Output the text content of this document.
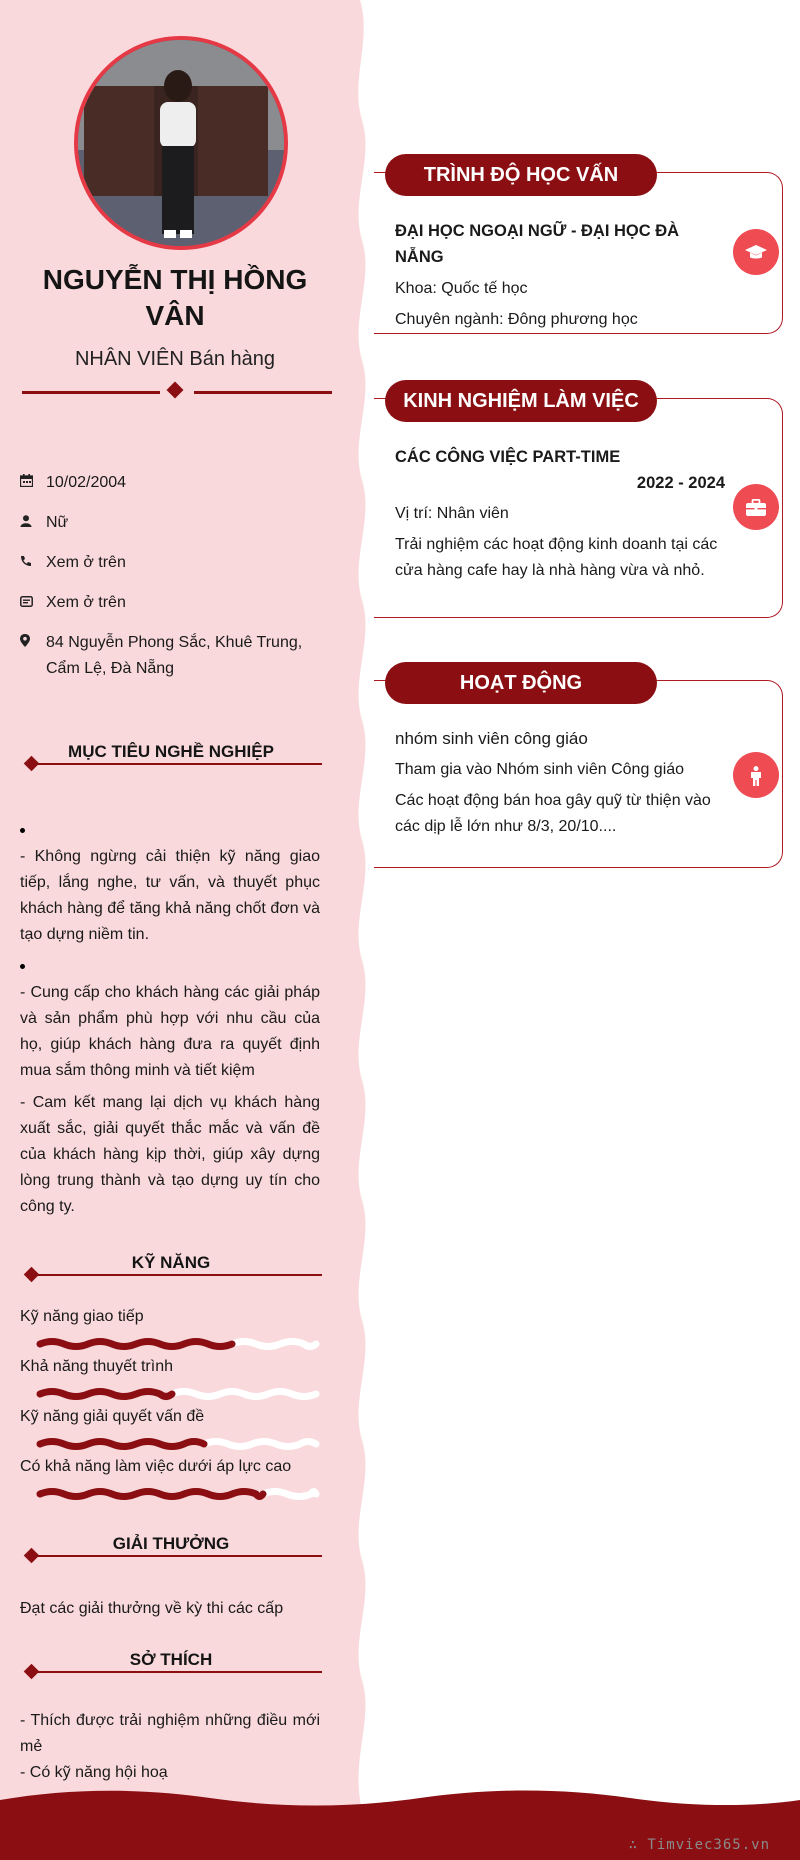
NGUYỄN THỊ HỒNG VÂN
NHÂN VIÊN Bán hàng
10/02/2004
Nữ
Xem ở trên
Xem ở trên
84 Nguyễn Phong Sắc, Khuê Trung, Cẩm Lệ, Đà Nẵng
MỤC TIÊU NGHỀ NGHIỆP

- Không ngừng cải thiện kỹ năng giao tiếp, lắng nghe, tư vấn, và thuyết phục khách hàng để tăng khả năng chốt đơn và tạo dựng niềm tin.

- Cung cấp cho khách hàng các giải pháp và sản phẩm phù hợp với nhu cầu của họ, giúp khách hàng đưa ra quyết định mua sắm thông minh và tiết kiệm

- Cam kết mang lại dịch vụ khách hàng xuất sắc, giải quyết thắc mắc và vấn đề của khách hàng kịp thời, giúp xây dựng lòng trung thành và tạo dựng uy tín cho công ty.

KỸ NĂNG
Kỹ năng giao tiếp
Khả năng thuyết trình
Kỹ năng giải quyết vấn đề
Có khả năng làm việc dưới áp lực cao
GIẢI THƯỞNG
Đạt các giải thưởng về kỳ thi các cấp
SỞ THÍCH
- Thích được trải nghiệm những điều mới mẻ
- Có kỹ năng hội hoạ
∴ Timviec365.vn
TRÌNH ĐỘ HỌC VẤN

ĐẠI HỌC NGOẠI NGỮ - ĐẠI HỌC ĐÀ NẴNG

Khoa: Quốc tế học

Chuyên ngành: Đông phương học

KINH NGHIỆM LÀM VIỆC

CÁC CÔNG VIỆC PART-TIME

2022 - 2024

Vị trí: Nhân viên

Trải nghiệm các hoạt động kinh doanh tại các cửa hàng cafe hay là nhà hàng vừa và nhỏ.

HOẠT ĐỘNG

nhóm sinh viên công giáo

Tham gia vào Nhóm sinh viên Công giáo

Các hoạt động bán hoa gây quỹ từ thiện vào các dịp lễ lớn như 8/3, 20/10....
